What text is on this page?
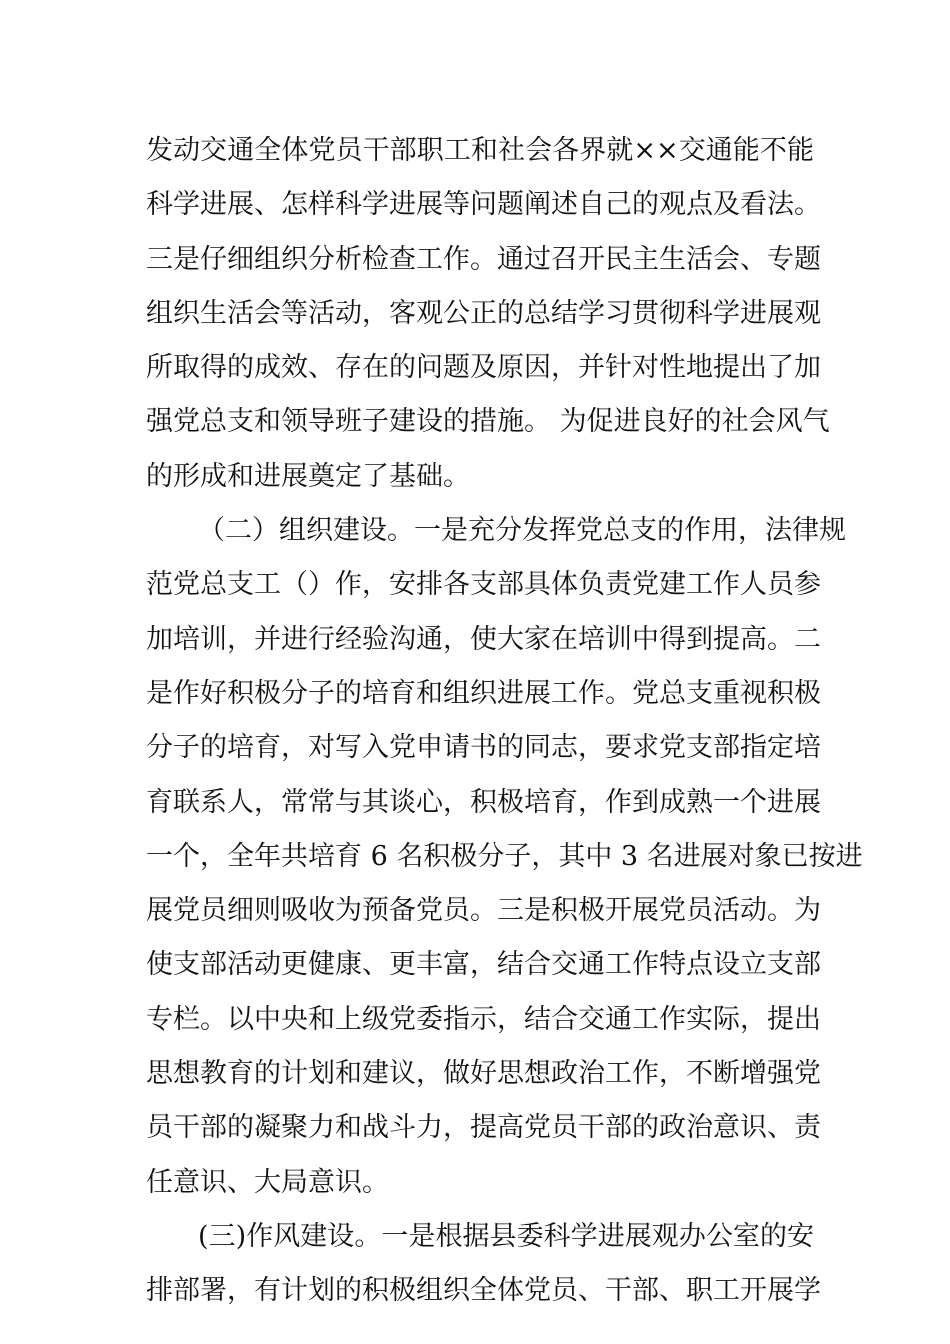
发动交通全体党员干部职工和社会各界就××交通能不能
科学进展、怎样科学进展等问题阐述自己的观点及看法。
三是仔细组织分析检查工作。通过召开民主生活会、专题
组织生活会等活动，客观公正的总结学习贯彻科学进展观
所取得的成效、存在的问题及原因，并针对性地提出了加
强党总支和领导班子建设的措施。 为促进良好的社会风气
的形成和进展奠定了基础。
（二）组织建设。一是充分发挥党总支的作用，法律规
范党总支工（）作，安排各支部具体负责党建工作人员参
加培训，并进行经验沟通，使大家在培训中得到提高。二
是作好积极分子的培育和组织进展工作。党总支重视积极
分子的培育，对写入党申请书的同志，要求党支部指定培
育联系人，常常与其谈心，积极培育，作到成熟一个进展
一个，全年共培育 6 名积极分子，其中 3 名进展对象已按进
展党员细则吸收为预备党员。三是积极开展党员活动。为
使支部活动更健康、更丰富，结合交通工作特点设立支部
专栏。以中央和上级党委指示，结合交通工作实际，提出
思想教育的计划和建议，做好思想政治工作，不断增强党
员干部的凝聚力和战斗力，提高党员干部的政治意识、责
任意识、大局意识。
(三)作风建设。一是根据县委科学进展观办公室的安
排部署，有计划的积极组织全体党员、干部、职工开展学
